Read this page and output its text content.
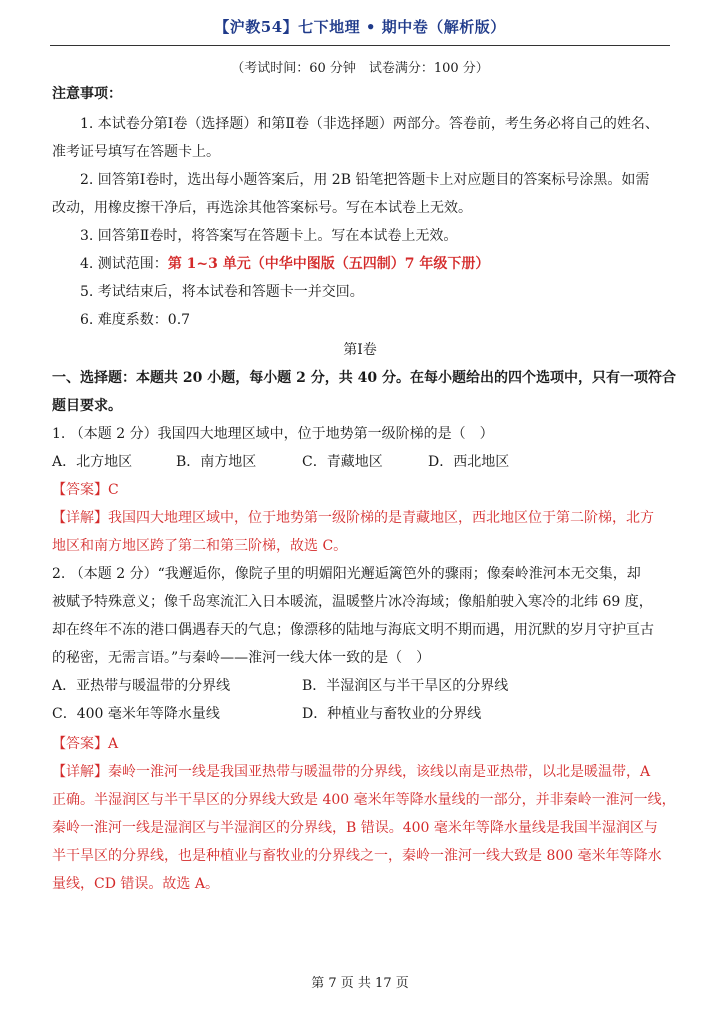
【沪教54】七下地理 • 期中卷（解析版）
（考试时间：60 分钟　试卷满分：100 分）
注意事项：
1. 本试卷分第Ⅰ卷（选择题）和第Ⅱ卷（非选择题）两部分。答卷前，考生务必将自己的姓名、
准考证号填写在答题卡上。
2. 回答第Ⅰ卷时，选出每小题答案后，用 2B 铅笔把答题卡上对应题目的答案标号涂黑。如需
改动，用橡皮擦干净后，再选涂其他答案标号。写在本试卷上无效。
3. 回答第Ⅱ卷时，将答案写在答题卡上。写在本试卷上无效。
4. 测试范围：第 1~3 单元（中华中图版（五四制）7 年级下册）
5. 考试结束后，将本试卷和答题卡一并交回。
6. 难度系数：0.7
第Ⅰ卷
一、选择题：本题共 20 小题，每小题 2 分，共 40 分。在每小题给出的四个选项中，只有一项符合
题目要求。
1. （本题 2 分）我国四大地理区域中，位于地势第一级阶梯的是（　）
A．北方地区	B．南方地区	C．青藏地区	D．西北地区
【答案】C
【详解】我国四大地理区域中，位于地势第一级阶梯的是青藏地区，西北地区位于第二阶梯，北方
地区和南方地区跨了第二和第三阶梯，故选 C。
2. （本题 2 分）“我邂逅你，像院子里的明媚阳光邂逅篱笆外的骤雨；像秦岭淮河本无交集，却
被赋予特殊意义；像千岛寒流汇入日本暖流，温暖整片冰冷海域；像船舶驶入寒冷的北纬 69 度，
却在终年不冻的港口偶遇春天的气息；像漂移的陆地与海底文明不期而遇，用沉默的岁月守护亘古
的秘密，无需言语。”与秦岭——淮河一线大体一致的是（　）
A．亚热带与暖温带的分界线	B．半湿润区与半干旱区的分界线
C．400 毫米年等降水量线	D．种植业与畜牧业的分界线
【答案】A
【详解】秦岭一淮河一线是我国亚热带与暖温带的分界线，该线以南是亚热带，以北是暖温带，A
正确。半湿润区与半干旱区的分界线大致是 400 毫米年等降水量线的一部分，并非秦岭一淮河一线，
秦岭一淮河一线是湿润区与半湿润区的分界线，B 错误。400 毫米年等降水量线是我国半湿润区与
半干旱区的分界线，也是种植业与畜牧业的分界线之一，秦岭一淮河一线大致是 800 毫米年等降水
量线，CD 错误。故选 A。
第 7 页 共 17 页
